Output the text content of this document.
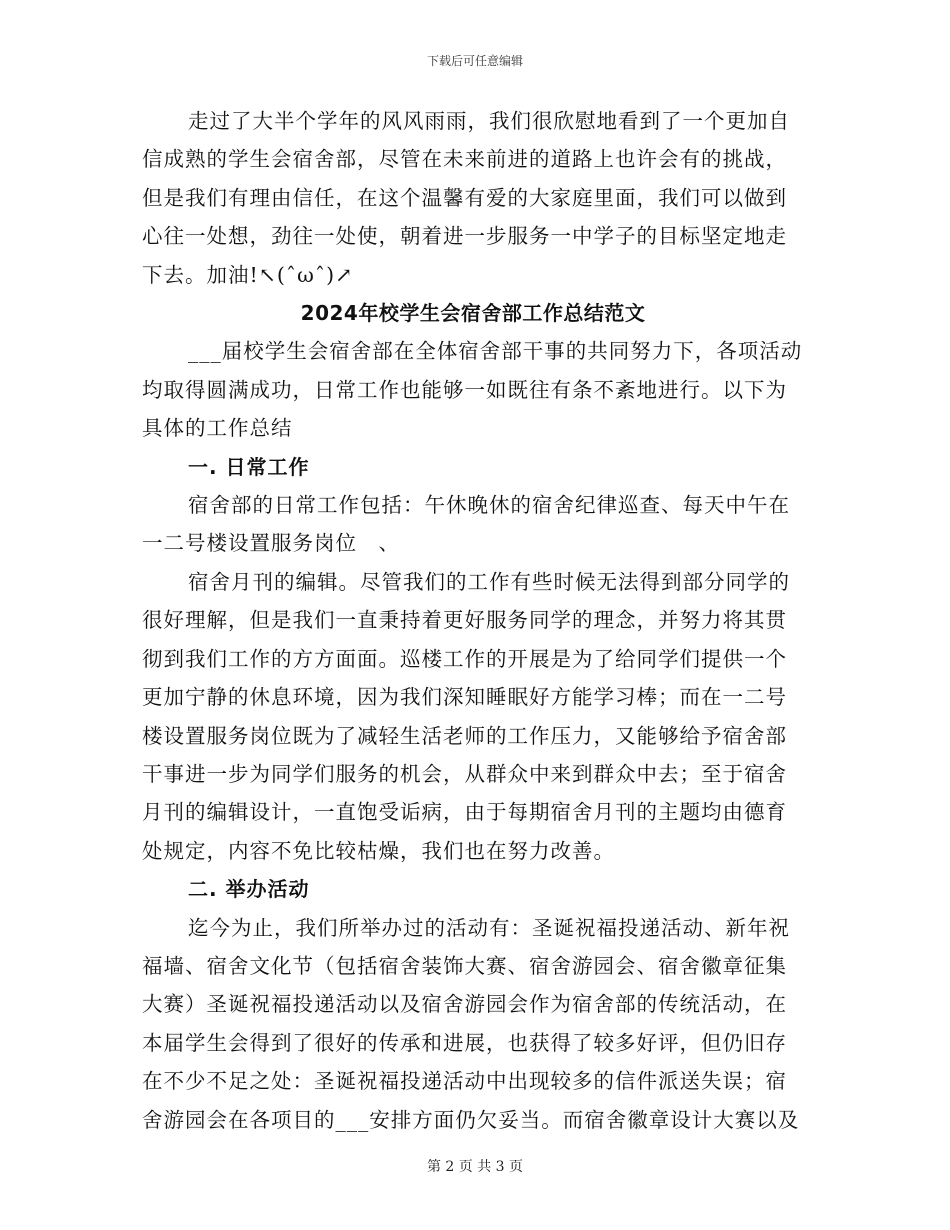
下载后可任意编辑

走过了大半个学年的风风雨雨，我们很欣慰地看到了一个更加自

信成熟的学生会宿舍部，尽管在未来前进的道路上也许会有的挑战，

但是我们有理由信任，在这个温馨有爱的大家庭里面，我们可以做到

心往一处想，劲往一处使，朝着进一步服务一中学子的目标坚定地走

下去。加油!↖(ˆωˆ)↗

2024年校学生会宿舍部工作总结范文

___届校学生会宿舍部在全体宿舍部干事的共同努力下，各项活动

均取得圆满成功，日常工作也能够一如既往有条不紊地进行。以下为

具体的工作总结

一. 日常工作

宿舍部的日常工作包括：午休晚休的宿舍纪律巡查、每天中午在

一二号楼设置服务岗位　、

宿舍月刊的编辑。尽管我们的工作有些时候无法得到部分同学的

很好理解，但是我们一直秉持着更好服务同学的理念，并努力将其贯

彻到我们工作的方方面面。巡楼工作的开展是为了给同学们提供一个

更加宁静的休息环境，因为我们深知睡眠好方能学习棒；而在一二号

楼设置服务岗位既为了减轻生活老师的工作压力，又能够给予宿舍部

干事进一步为同学们服务的机会，从群众中来到群众中去；至于宿舍

月刊的编辑设计，一直饱受诟病，由于每期宿舍月刊的主题均由德育

处规定，内容不免比较枯燥，我们也在努力改善。

二. 举办活动

迄今为止，我们所举办过的活动有：圣诞祝福投递活动、新年祝

福墙、宿舍文化节（包括宿舍装饰大赛、宿舍游园会、宿舍徽章征集

大赛）圣诞祝福投递活动以及宿舍游园会作为宿舍部的传统活动，在

本届学生会得到了很好的传承和进展，也获得了较多好评，但仍旧存

在不少不足之处：圣诞祝福投递活动中出现较多的信件派送失误；宿

舍游园会在各项目的___安排方面仍欠妥当。而宿舍徽章设计大赛以及

第 2 页 共 3 页
